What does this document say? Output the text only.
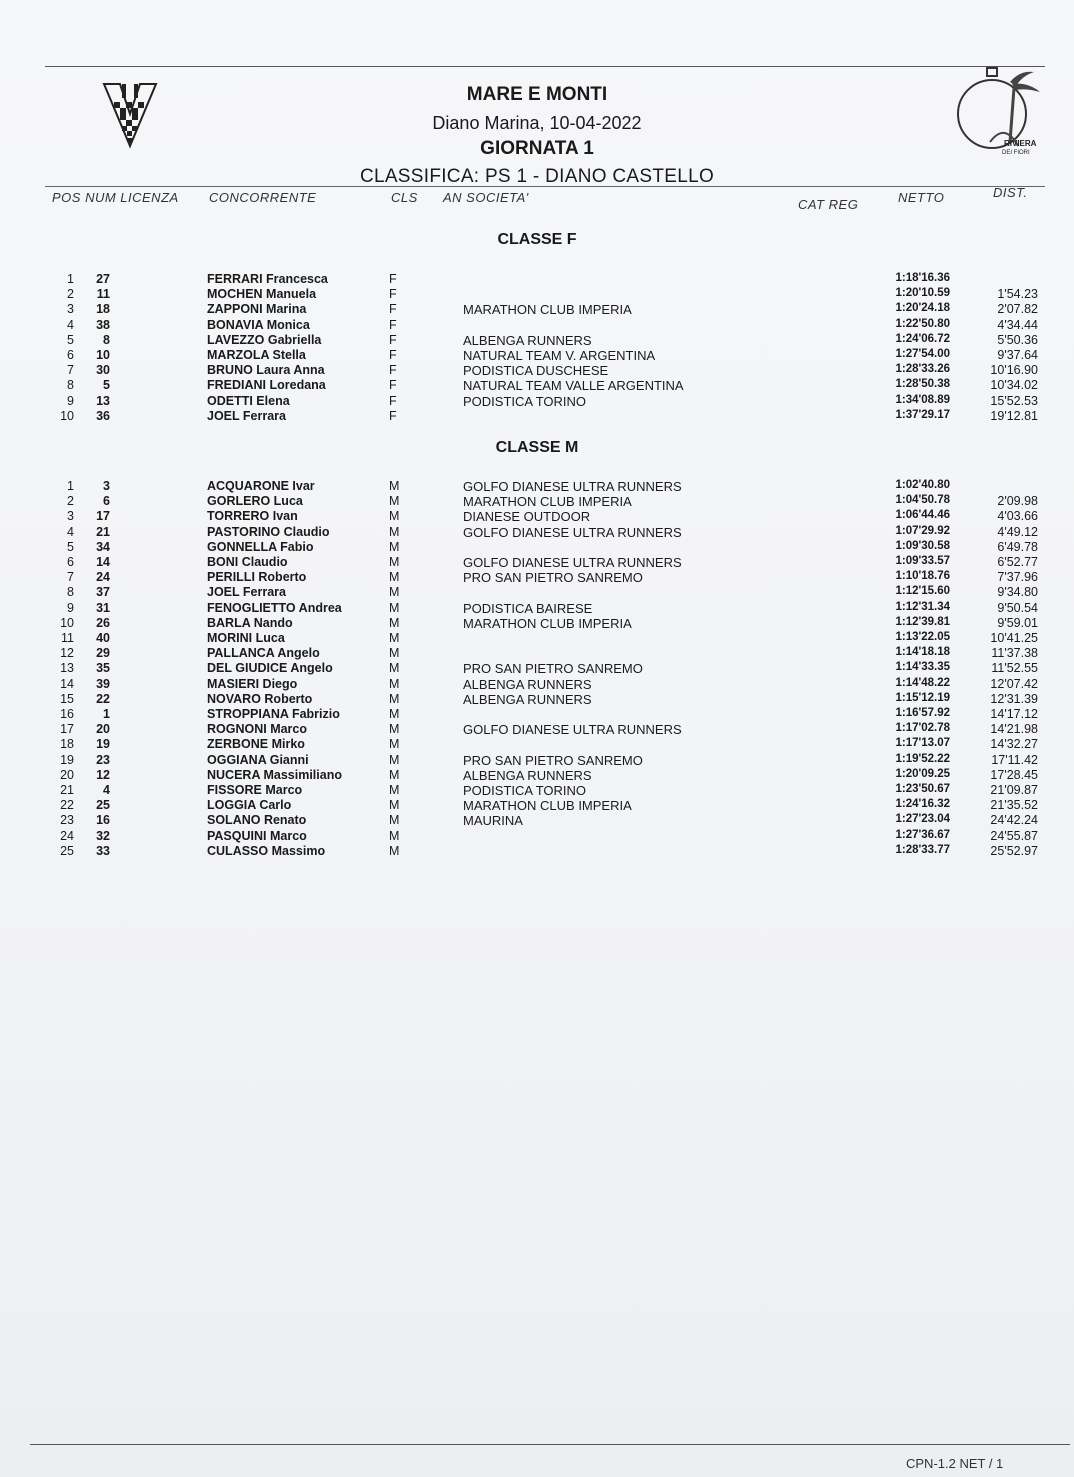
RIVIERA
DEI FIORI
MARE E MONTI
Diano Marina, 10-04-2022
GIORNATA 1
CLASSIFICA: PS 1 - DIANO CASTELLO
POS NUM LICENZA CONCORRENTE	CLS AN SOCIETA'	CAT REG	NETTO	DIST.
CLASSE F
1	27	FERRARI Francesca	F	1:18'16.36
2	11	MOCHEN Manuela	F	1:20'10.59	1'54.23
3	18	ZAPPONI Marina	F	MARATHON CLUB IMPERIA	1:20'24.18	2'07.82
4	38	BONAVIA Monica	F	1:22'50.80	4'34.44
5	8	LAVEZZO Gabriella	F	ALBENGA RUNNERS	1:24'06.72	5'50.36
6	10	MARZOLA Stella	F	NATURAL TEAM V. ARGENTINA	1:27'54.00	9'37.64
7	30	BRUNO Laura Anna	F	PODISTICA DUSCHESE	1:28'33.26	10'16.90
8	5	FREDIANI Loredana	F	NATURAL TEAM VALLE ARGENTINA	1:28'50.38	10'34.02
9	13	ODETTI Elena	F	PODISTICA TORINO	1:34'08.89	15'52.53
10	36	JOEL Ferrara	F	1:37'29.17	19'12.81
CLASSE M
1	3	ACQUARONE Ivar	M	GOLFO DIANESE ULTRA RUNNERS	1:02'40.80
2	6	GORLERO Luca	M	MARATHON CLUB IMPERIA	1:04'50.78	2'09.98
3	17	TORRERO Ivan	M	DIANESE OUTDOOR	1:06'44.46	4'03.66
4	21	PASTORINO Claudio	M	GOLFO DIANESE ULTRA RUNNERS	1:07'29.92	4'49.12
5	34	GONNELLA Fabio	M	1:09'30.58	6'49.78
6	14	BONI Claudio	M	GOLFO DIANESE ULTRA RUNNERS	1:09'33.57	6'52.77
7	24	PERILLI Roberto	M	PRO SAN PIETRO SANREMO	1:10'18.76	7'37.96
8	37	JOEL Ferrara	M	1:12'15.60	9'34.80
9	31	FENOGLIETTO Andrea	M	PODISTICA BAIRESE	1:12'31.34	9'50.54
10	26	BARLA Nando	M	MARATHON CLUB IMPERIA	1:12'39.81	9'59.01
11	40	MORINI Luca	M	1:13'22.05	10'41.25
12	29	PALLANCA Angelo	M	1:14'18.18	11'37.38
13	35	DEL GIUDICE Angelo	M	PRO SAN PIETRO SANREMO	1:14'33.35	11'52.55
14	39	MASIERI Diego	M	ALBENGA RUNNERS	1:14'48.22	12'07.42
15	22	NOVARO Roberto	M	ALBENGA RUNNERS	1:15'12.19	12'31.39
16	1	STROPPIANA Fabrizio	M	1:16'57.92	14'17.12
17	20	ROGNONI Marco	M	GOLFO DIANESE ULTRA RUNNERS	1:17'02.78	14'21.98
18	19	ZERBONE Mirko	M	1:17'13.07	14'32.27
19	23	OGGIANA Gianni	M	PRO SAN PIETRO SANREMO	1:19'52.22	17'11.42
20	12	NUCERA Massimiliano	M	ALBENGA RUNNERS	1:20'09.25	17'28.45
21	4	FISSORE Marco	M	PODISTICA TORINO	1:23'50.67	21'09.87
22	25	LOGGIA Carlo	M	MARATHON CLUB IMPERIA	1:24'16.32	21'35.52
23	16	SOLANO Renato	M	MAURINA	1:27'23.04	24'42.24
24	32	PASQUINI Marco	M	1:27'36.67	24'55.87
25	33	CULASSO Massimo	M	1:28'33.77	25'52.97
CPN-1.2 NET / 1
